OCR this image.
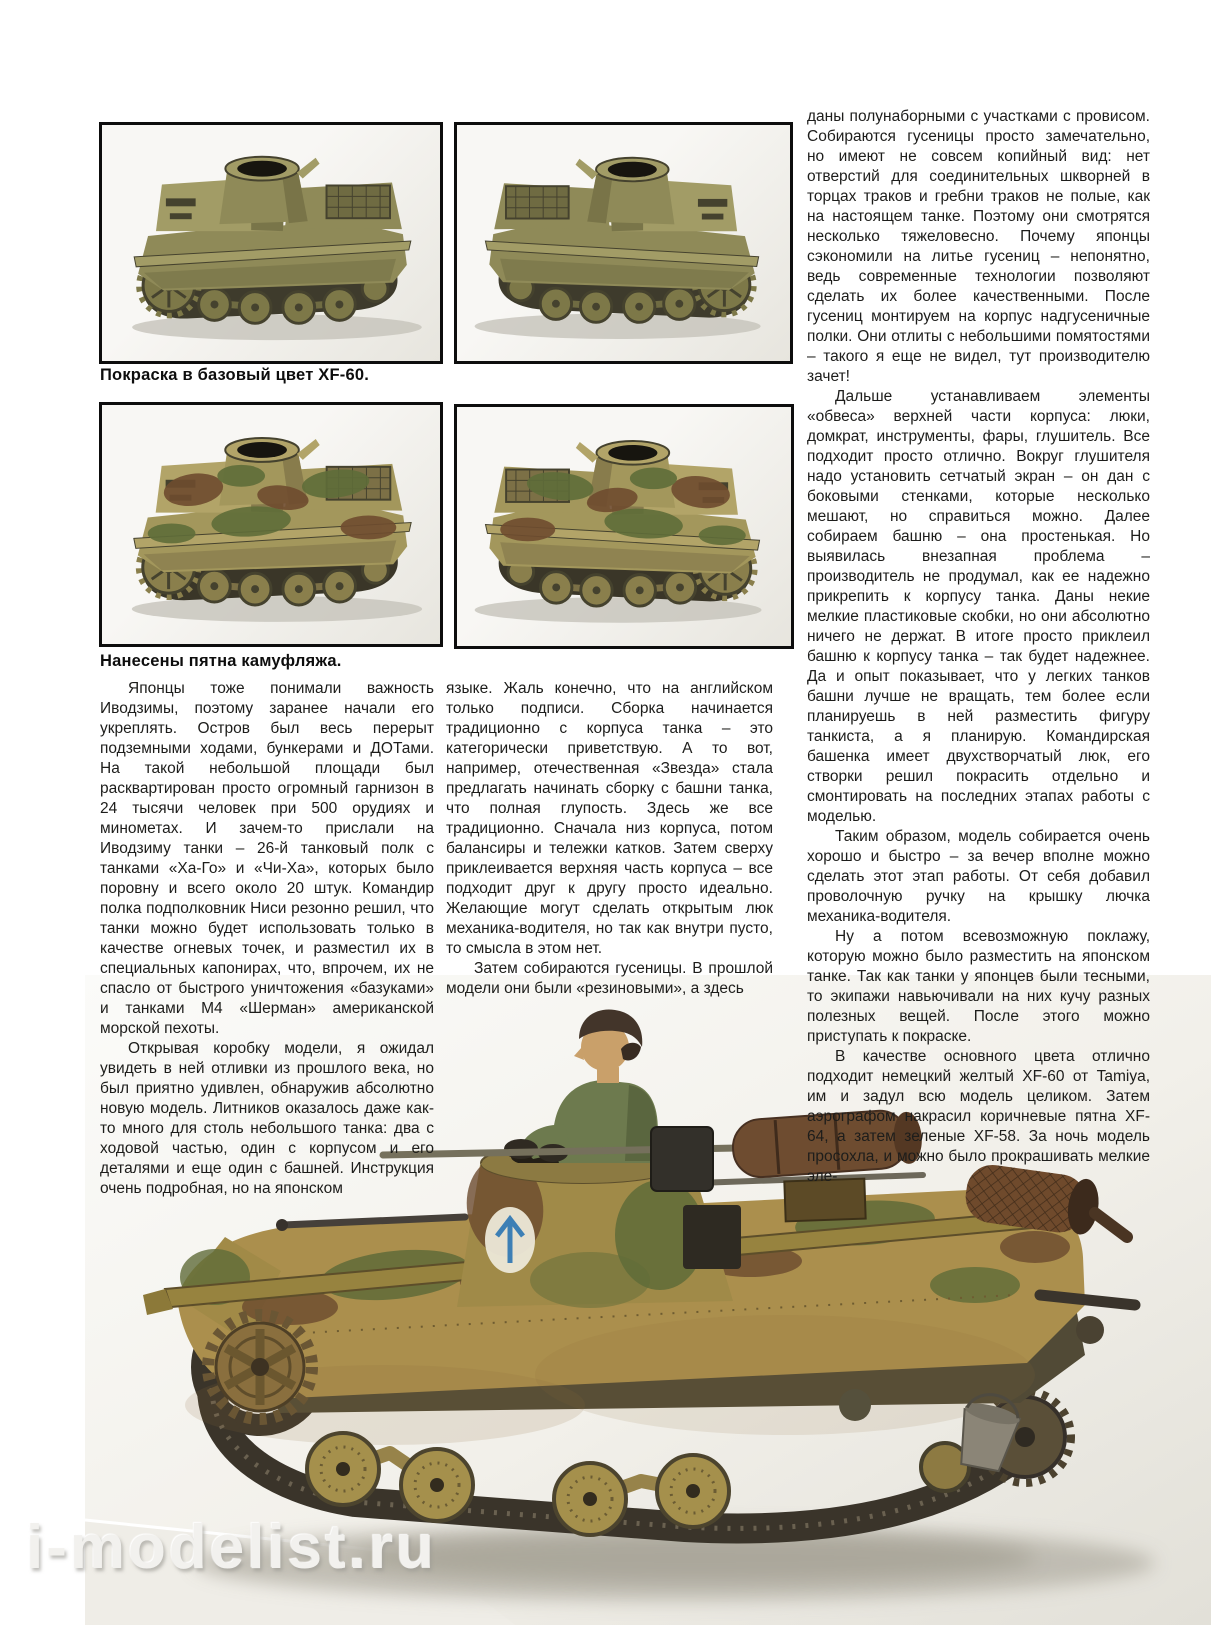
Покраска в базовый цвет XF-60.
Нанесены пятна камуфляжа.

Японцы тоже понимали важность Иводзимы, поэтому заранее начали его укреплять. Остров был весь перерыт подземными ходами, бункерами и ДОТами. На такой небольшой площади был расквартирован просто огромный гарнизон в 24 тысячи человек при 500 орудиях и минометах. И зачем-то прислали на Иводзиму танки – 26-й танковый полк с танками «Ха-Го» и «Чи-Ха», которых было поровну и всего около 20 штук. Командир полка подполковник Ниси резонно решил, что танки можно будет использовать только в качестве огневых точек, и разместил их в специальных капонирах, что, впрочем, их не спасло от быстрого уничтожения «базуками» и танками М4 «Шерман» американской морской пехоты.

Открывая коробку модели, я ожидал увидеть в ней отливки из прошлого века, но был приятно удивлен, обнаружив абсолютно новую модель. Литников оказалось даже как-то много для столь небольшого танка: два с ходовой частью, один с корпусом и его деталями и еще один с башней. Инструкция очень подробная, но на японском

языке. Жаль конечно, что на английском только подписи. Сборка начинается традиционно с корпуса танка – это категорически приветствую. А то вот, например, отечественная «Звезда» стала предлагать начинать сборку с башни танка, что полная глупость. Здесь же все традиционно. Сначала низ корпуса, потом балансиры и тележки катков. Затем сверху приклеивается верхняя часть корпуса – все подходит друг к другу просто идеально. Желающие могут сделать открытым люк механика-водителя, но так как внутри пусто, то смысла в этом нет.

Затем собираются гусеницы. В прошлой модели они были «резиновыми», а здесь

даны полунаборными с участками с провисом. Собираются гусеницы просто замечательно, но имеют не совсем копийный вид: нет отверстий для соединительных шкворней в торцах траков и гребни траков не полые, как на настоящем танке. Поэтому они смотрятся несколько тяжеловесно. Почему японцы сэкономили на литье гусениц – непонятно, ведь современные технологии позволяют сделать их более качественными. После гусениц монтируем на корпус надгусеничные полки. Они отлиты с небольшими помятостями – такого я еще не видел, тут производителю зачет!

Дальше устанавливаем элементы «обвеса» верхней части корпуса: люки, домкрат, инструменты, фары, глушитель. Все подходит просто отлично. Вокруг глушителя надо установить сетчатый экран – он дан с боковыми стенками, которые несколько мешают, но справиться можно. Далее собираем башню – она простенькая. Но выявилась внезапная проблема – производитель не продумал, как ее надежно прикрепить к корпусу танка. Даны некие мелкие пластиковые скобки, но они абсолютно ничего не держат. В итоге просто приклеил башню к корпусу танка – так будет надежнее. Да и опыт показывает, что у легких танков башни лучше не вращать, тем более если планируешь в ней разместить фигуру танкиста, а я планирую. Командирская башенка имеет двухстворчатый люк, его створки решил покрасить отдельно и смонтировать на последних этапах работы с моделью.

Таким образом, модель собирается очень хорошо и быстро – за вечер вполне можно сделать этот этап работы. От себя добавил проволочную ручку на крышку лючка механика-водителя.

Ну а потом всевозможную поклажу, которую можно было разместить на японском танке. Так как танки у японцев были тесными, то экипажи навьючивали на них кучу разных полезных вещей. После этого можно приступать к покраске.

В качестве основного цвета отлично подходит немецкий желтый XF-60 от Tamiya, им и задул всю модель целиком. Затем аэрографом накрасил коричневые пятна XF-64, а затем зеленые XF-58. За ночь модель просохла, и можно было прокрашивать мелкие эле-

i-modelist.ru
